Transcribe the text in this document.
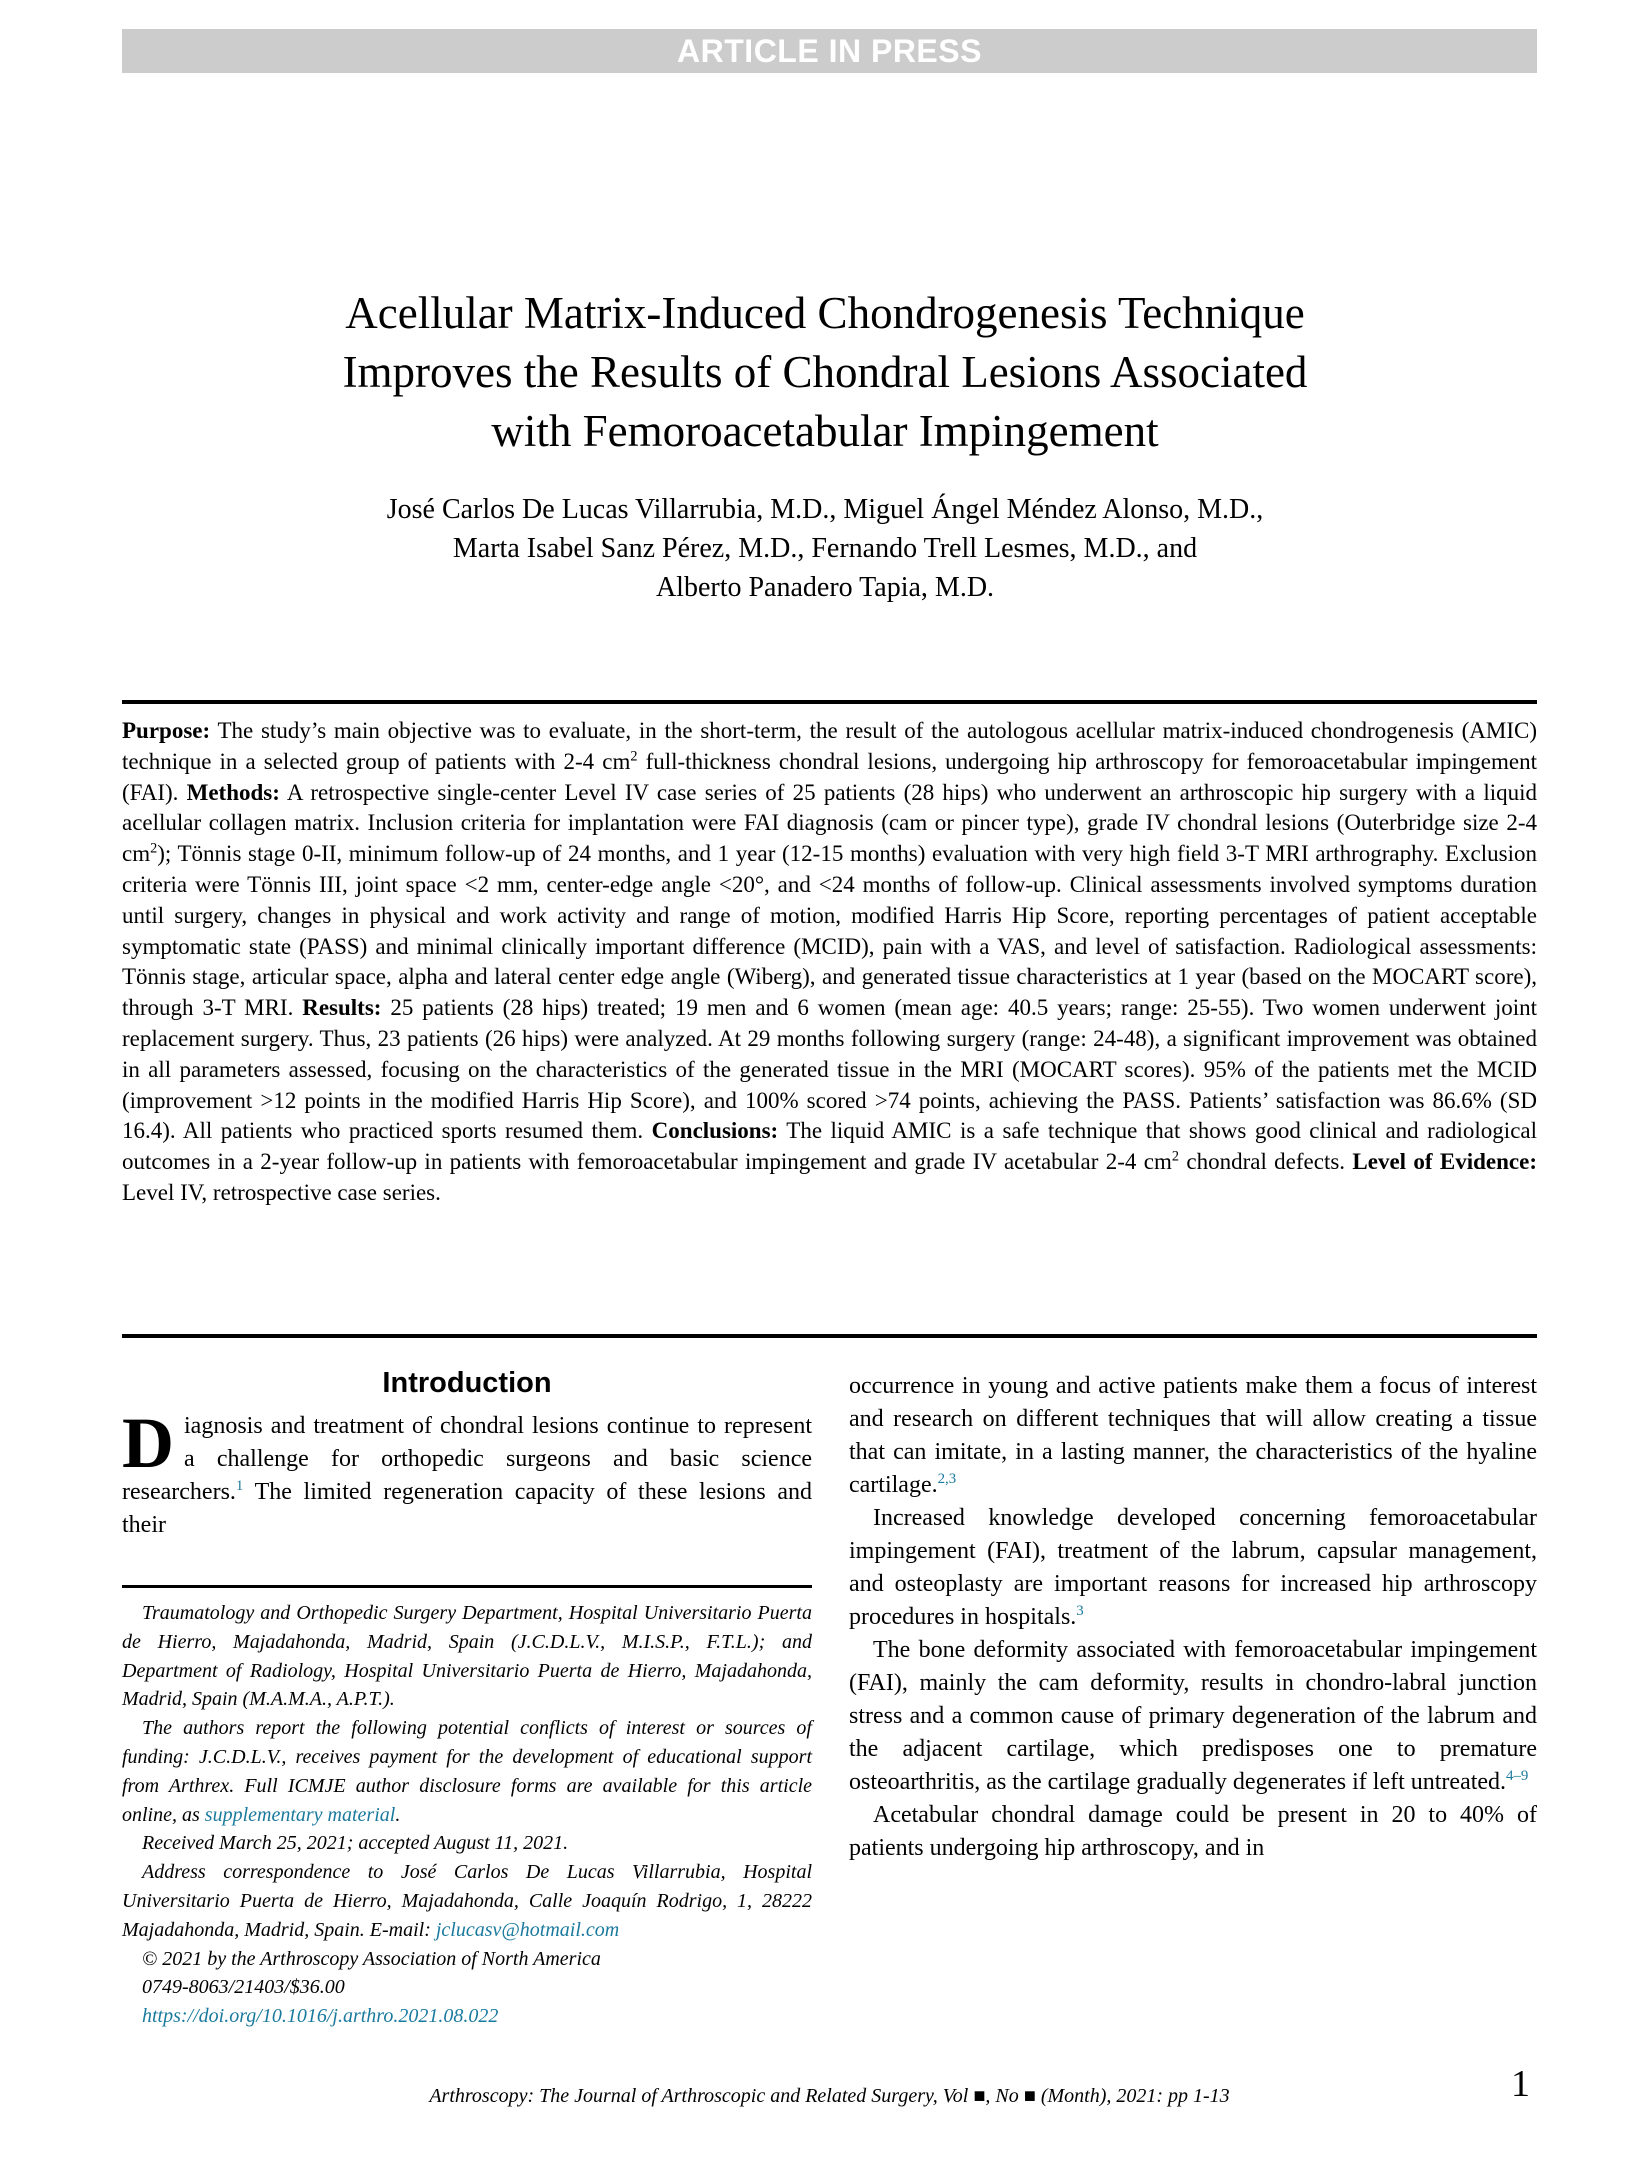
ARTICLE IN PRESS
Acellular Matrix-Induced Chondrogenesis Technique
Improves the Results of Chondral Lesions Associated
with Femoroacetabular Impingement
José Carlos De Lucas Villarrubia, M.D., Miguel Ángel Méndez Alonso, M.D.,
Marta Isabel Sanz Pérez, M.D., Fernando Trell Lesmes, M.D., and
Alberto Panadero Tapia, M.D.

Purpose: The study’s main objective was to evaluate, in the short-term, the result of the autologous acellular matrix-induced chondrogenesis (AMIC) technique in a selected group of patients with 2-4 $cm^2$ full-thickness chondral lesions, undergoing hip arthroscopy for femoroacetabular impingement (FAI). Methods: A retrospective single-center Level IV case series of 25 patients (28 hips) who underwent an arthroscopic hip surgery with a liquid acellular collagen matrix. Inclusion criteria for implantation were FAI diagnosis (cam or pincer type), grade IV chondral lesions (Outerbridge size 2-4 $cm^2$); Tönnis stage 0-II, minimum follow-up of 24 months, and 1 year (12-15 months) evaluation with very high field 3-T MRI arthrography. Exclusion criteria were Tönnis III, joint space <2 mm, center-edge angle <20°, and <24 months of follow-up. Clinical assessments involved symptoms duration until surgery, changes in physical and work activity and range of motion, modified Harris Hip Score, reporting percentages of patient acceptable symptomatic state (PASS) and minimal clinically important difference (MCID), pain with a VAS, and level of satisfaction. Radiological assessments: Tönnis stage, articular space, alpha and lateral center edge angle (Wiberg), and generated tissue characteristics at 1 year (based on the MOCART score), through 3-T MRI. Results: 25 patients (28 hips) treated; 19 men and 6 women (mean age: 40.5 years; range: 25-55). Two women underwent joint replacement surgery. Thus, 23 patients (26 hips) were analyzed. At 29 months following surgery (range: 24-48), a significant improvement was obtained in all parameters assessed, focusing on the characteristics of the generated tissue in the MRI (MOCART scores). 95% of the patients met the MCID (improvement >12 points in the modified Harris Hip Score), and 100% scored >74 points, achieving the PASS. Patients’ satisfaction was 86.6% (SD 16.4). All patients who practiced sports resumed them. Conclusions: The liquid AMIC is a safe technique that shows good clinical and radiological outcomes in a 2-year follow-up in patients with femoroacetabular impingement and grade IV acetabular 2-4 $cm^2$ chondral defects. Level of Evidence: Level IV, retrospective case series.

Introduction

Diagnosis and treatment of chondral lesions continue to represent a challenge for orthopedic surgeons and basic science researchers.$^1$ The limited regeneration capacity of these lesions and their

occurrence in young and active patients make them a focus of interest and research on different techniques that will allow creating a tissue that can imitate, in a lasting manner, the characteristics of the hyaline cartilage.$^{2,3}$

Increased knowledge developed concerning femoroacetabular impingement (FAI), treatment of the labrum, capsular management, and osteoplasty are important reasons for increased hip arthroscopy procedures in hospitals.$^3$

The bone deformity associated with femoroacetabular impingement (FAI), mainly the cam deformity, results in chondro-labral junction stress and a common cause of primary degeneration of the labrum and the adjacent cartilage, which predisposes one to premature osteoarthritis, as the cartilage gradually degenerates if left untreated.$^{4-9}$

Acetabular chondral damage could be present in 20 to 40% of patients undergoing hip arthroscopy, and in

Traumatology and Orthopedic Surgery Department, Hospital Universitario Puerta de Hierro, Majadahonda, Madrid, Spain (J.C.D.L.V., M.I.S.P., F.T.L.); and Department of Radiology, Hospital Universitario Puerta de Hierro, Majadahonda, Madrid, Spain (M.A.M.A., A.P.T.).

The authors report the following potential conflicts of interest or sources of funding: J.C.D.L.V., receives payment for the development of educational support from Arthrex. Full ICMJE author disclosure forms are available for this article online, as supplementary material.

Received March 25, 2021; accepted August 11, 2021.

Address correspondence to José Carlos De Lucas Villarrubia, Hospital Universitario Puerta de Hierro, Majadahonda, Calle Joaquín Rodrigo, 1, 28222 Majadahonda, Madrid, Spain. E-mail: jclucasv@hotmail.com

© 2021 by the Arthroscopy Association of North America

0749-8063/21403/$36.00

https://doi.org/10.1016/j.arthro.2021.08.022

Arthroscopy: The Journal of Arthroscopic and Related Surgery, Vol ■, No ■ (Month), 2021: pp 1-13	1
